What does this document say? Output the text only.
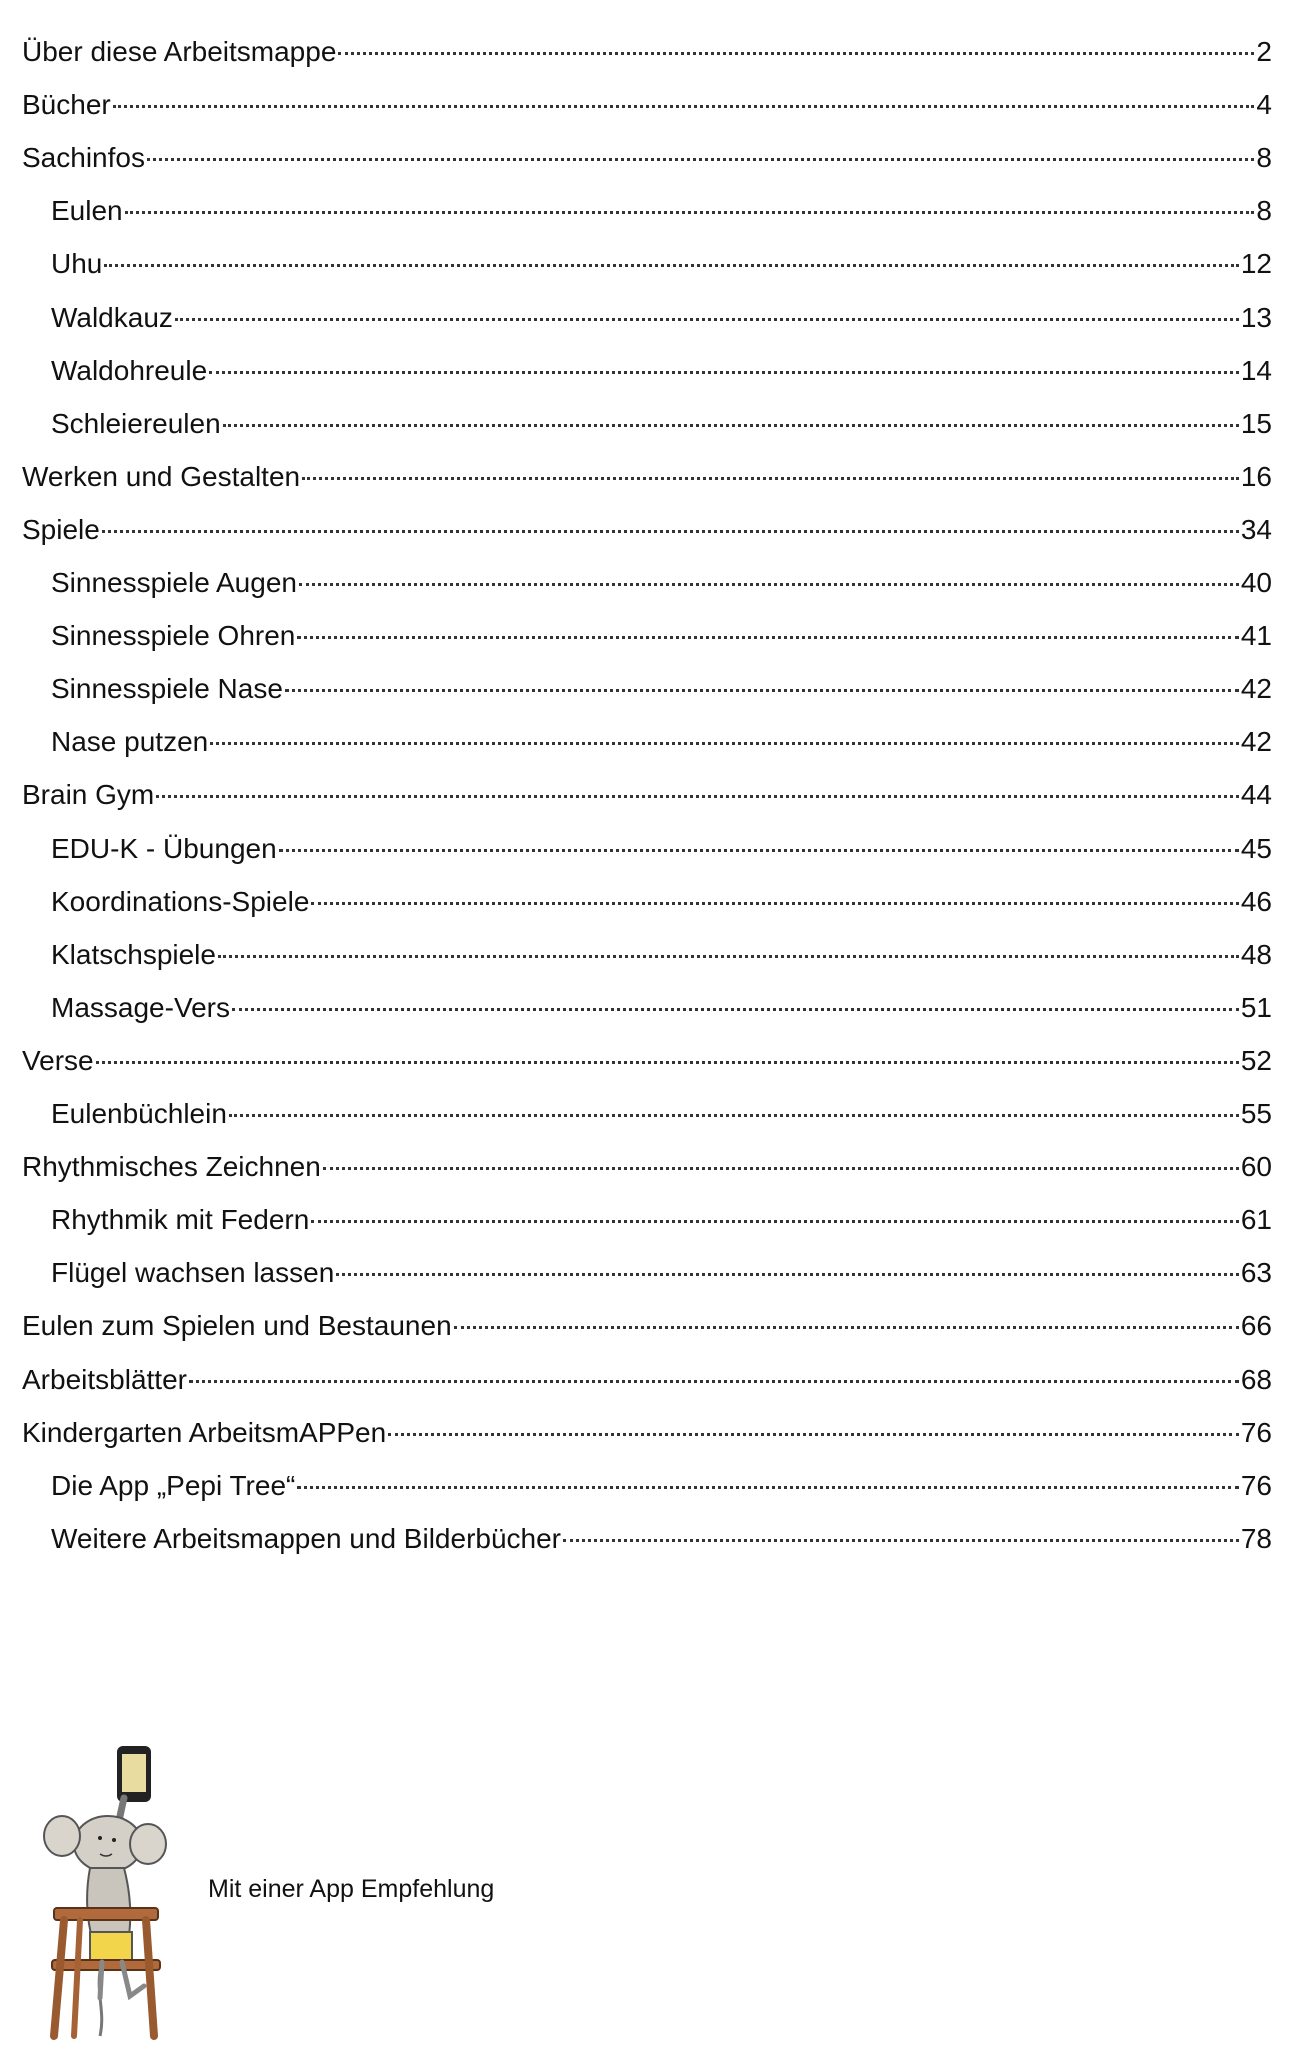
Über diese Arbeitsmappe	2
Bücher	4
Sachinfos	8
Eulen	8
Uhu	12
Waldkauz	13
Waldohreule	14
Schleiereulen	15
Werken und Gestalten	16
Spiele	34
Sinnesspiele Augen	40
Sinnesspiele Ohren	41
Sinnesspiele Nase	42
Nase putzen	42
Brain Gym	44
EDU-K - Übungen	45
Koordinations-Spiele	46
Klatschspiele	48
Massage-Vers	51
Verse	52
Eulenbüchlein	55
Rhythmisches Zeichnen	60
Rhythmik mit Federn	61
Flügel wachsen lassen	63
Eulen zum Spielen und Bestaunen	66
Arbeitsblätter	68
Kindergarten ArbeitsmAPPen	76
Die App „Pepi Tree“	76
Weitere Arbeitsmappen und Bilderbücher	78
Mit einer App Empfehlung
